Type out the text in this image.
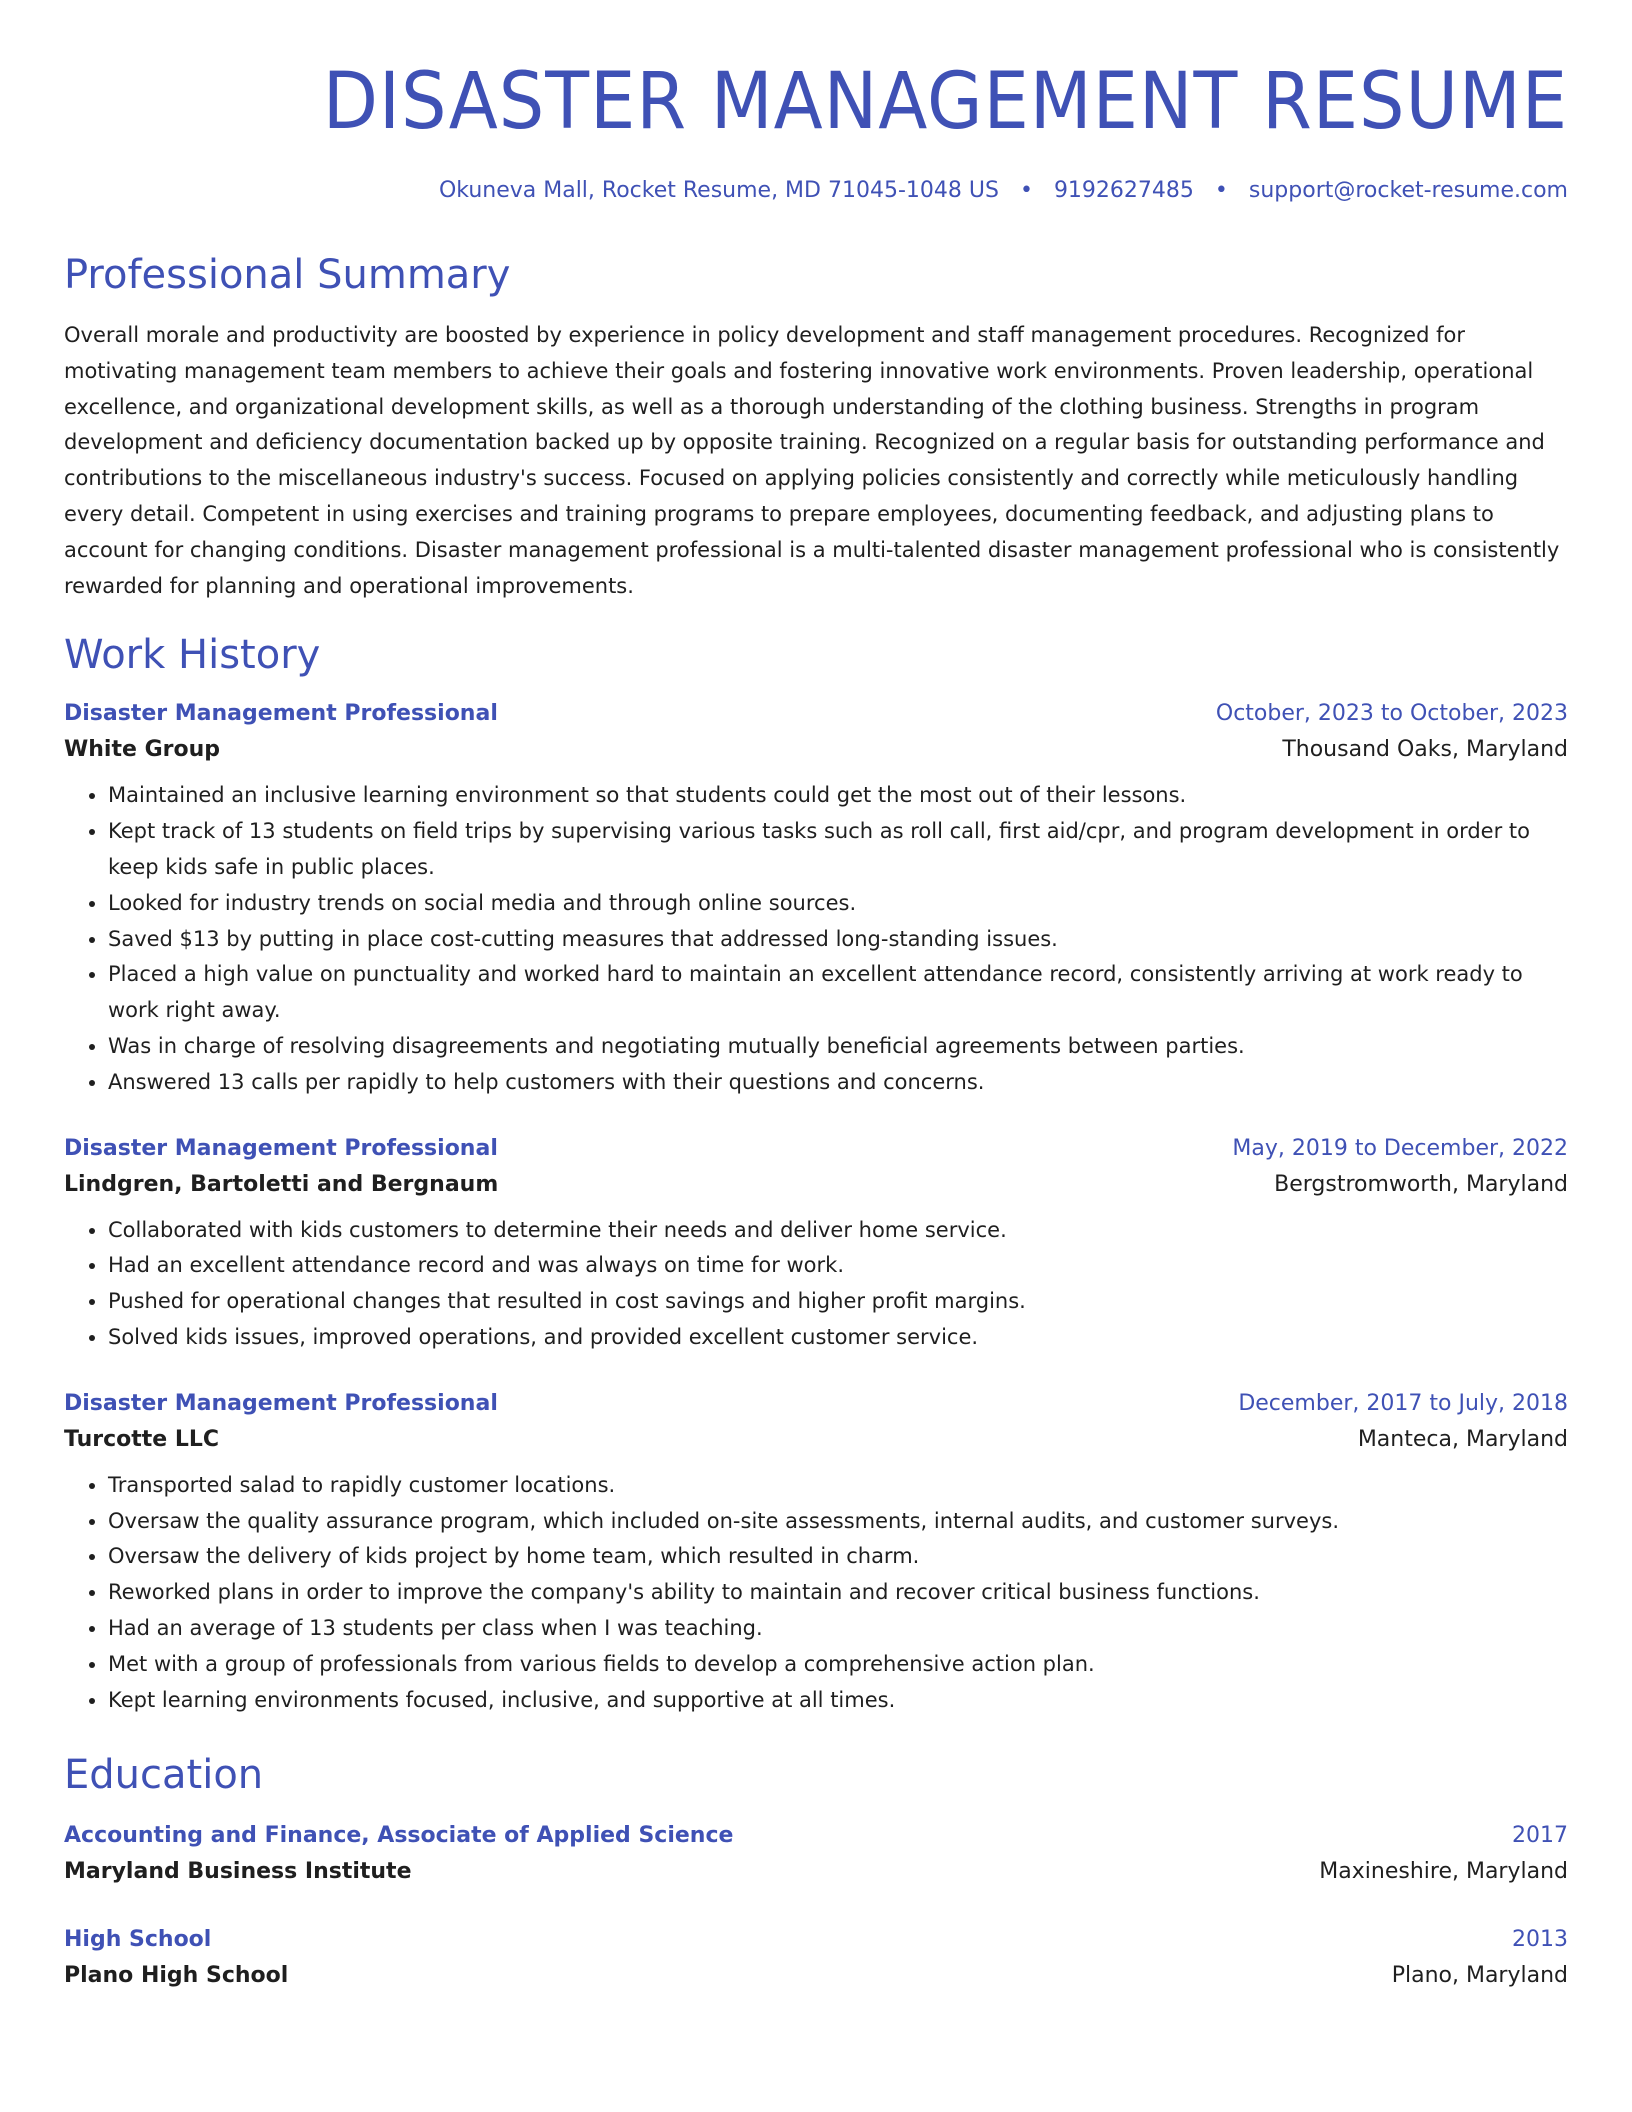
DISASTER MANAGEMENT RESUME
Okuneva Mall, Rocket Resume, MD 71045-1048 US • 9192627485 • support@rocket-resume.com
Professional Summary
Overall morale and productivity are boosted by experience in policy development and staff management procedures. Recognized for motivating management team members to achieve their goals and fostering innovative work environments. Proven leadership, operational excellence, and organizational development skills, as well as a thorough understanding of the clothing business. Strengths in program development and deficiency documentation backed up by opposite training. Recognized on a regular basis for outstanding performance and contributions to the miscellaneous industry's success. Focused on applying policies consistently and correctly while meticulously handling every detail. Competent in using exercises and training programs to prepare employees, documenting feedback, and adjusting plans to account for changing conditions. Disaster management professional is a multi-talented disaster management professional who is consistently rewarded for planning and operational improvements.
Work History
Disaster Management Professional	October, 2023 to October, 2023
White Group	Thousand Oaks, Maryland
• Maintained an inclusive learning environment so that students could get the most out of their lessons.
• Kept track of 13 students on field trips by supervising various tasks such as roll call, first aid/cpr, and program development in order to keep kids safe in public places.
• Looked for industry trends on social media and through online sources.
• Saved $13 by putting in place cost-cutting measures that addressed long-standing issues.
• Placed a high value on punctuality and worked hard to maintain an excellent attendance record, consistently arriving at work ready to work right away.
• Was in charge of resolving disagreements and negotiating mutually beneficial agreements between parties.
• Answered 13 calls per rapidly to help customers with their questions and concerns.
Disaster Management Professional	May, 2019 to December, 2022
Lindgren, Bartoletti and Bergnaum	Bergstromworth, Maryland
• Collaborated with kids customers to determine their needs and deliver home service.
• Had an excellent attendance record and was always on time for work.
• Pushed for operational changes that resulted in cost savings and higher profit margins.
• Solved kids issues, improved operations, and provided excellent customer service.
Disaster Management Professional	December, 2017 to July, 2018
Turcotte LLC	Manteca, Maryland
• Transported salad to rapidly customer locations.
• Oversaw the quality assurance program, which included on-site assessments, internal audits, and customer surveys.
• Oversaw the delivery of kids project by home team, which resulted in charm.
• Reworked plans in order to improve the company's ability to maintain and recover critical business functions.
• Had an average of 13 students per class when I was teaching.
• Met with a group of professionals from various fields to develop a comprehensive action plan.
• Kept learning environments focused, inclusive, and supportive at all times.
Education
Accounting and Finance, Associate of Applied Science	2017
Maryland Business Institute	Maxineshire, Maryland
High School	2013
Plano High School	Plano, Maryland
